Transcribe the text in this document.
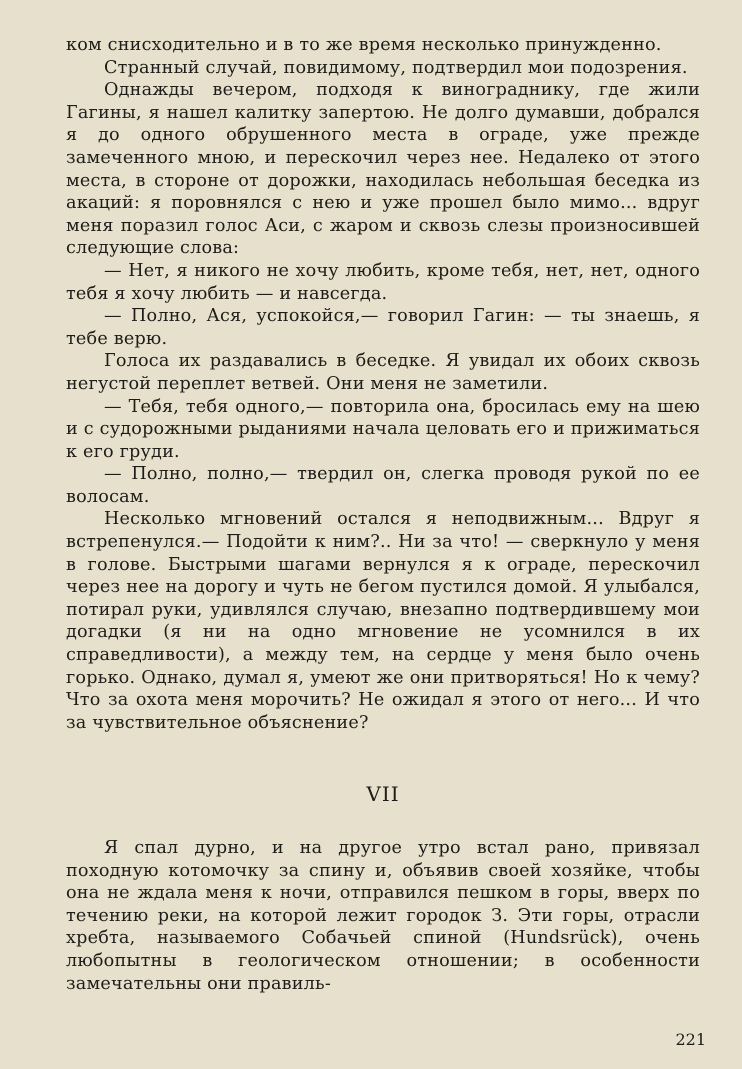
ком снисходительно и в то же время несколько принужденно.

Странный случай, повидимому, подтвердил мои подозрения.

Однажды вечером, подходя к винограднику, где жили Гагины, я нашел калитку запертою. Не долго думавши, добрался я до одного обрушенного места в ограде, уже прежде замеченного мною, и перескочил через нее. Недалеко от этого места, в стороне от дорожки, находилась небольшая беседка из акаций: я поровнялся с нею и уже прошел было мимо... вдруг меня поразил голос Аси, с жаром и сквозь слезы произносившей следующие слова:

— Нет, я никого не хочу любить, кроме тебя, нет, нет, одного тебя я хочу любить — и навсегда.

— Полно, Ася, успокойся,— говорил Гагин: — ты знаешь, я тебе верю.

Голоса их раздавались в беседке. Я увидал их обоих сквозь негустой переплет ветвей. Они меня не заметили.

— Тебя, тебя одного,— повторила она, бросилась ему на шею и с судорожными рыданиями начала целовать его и прижиматься к его груди.

— Полно, полно,— твердил он, слегка проводя рукой по ее волосам.

Несколько мгновений остался я неподвижным... Вдруг я встрепенулся.— Подойти к ним?.. Ни за что! — сверкнуло у меня в голове. Быстрыми шагами вернулся я к ограде, перескочил через нее на дорогу и чуть не бегом пустился домой. Я улыбался, потирал руки, удивлялся случаю, внезапно подтвердившему мои догадки (я ни на одно мгновение не усомнился в их справедливости), а между тем, на сердце у меня было очень горько. Однако, думал я, умеют же они притворяться! Но к чему? Что за охота меня морочить? Не ожидал я этого от него... И что за чувствительное объяснение?

VII

Я спал дурно, и на другое утро встал рано, привязал походную котомочку за спину и, объявив своей хозяйке, чтобы она не ждала меня к ночи, отправился пешком в горы, вверх по течению реки, на которой лежит городок З. Эти горы, отрасли хребта, называемого Собачьей спиной (Hundsrück), очень любопытны в геологическом отношении; в особенности замечательны они правиль-

221
